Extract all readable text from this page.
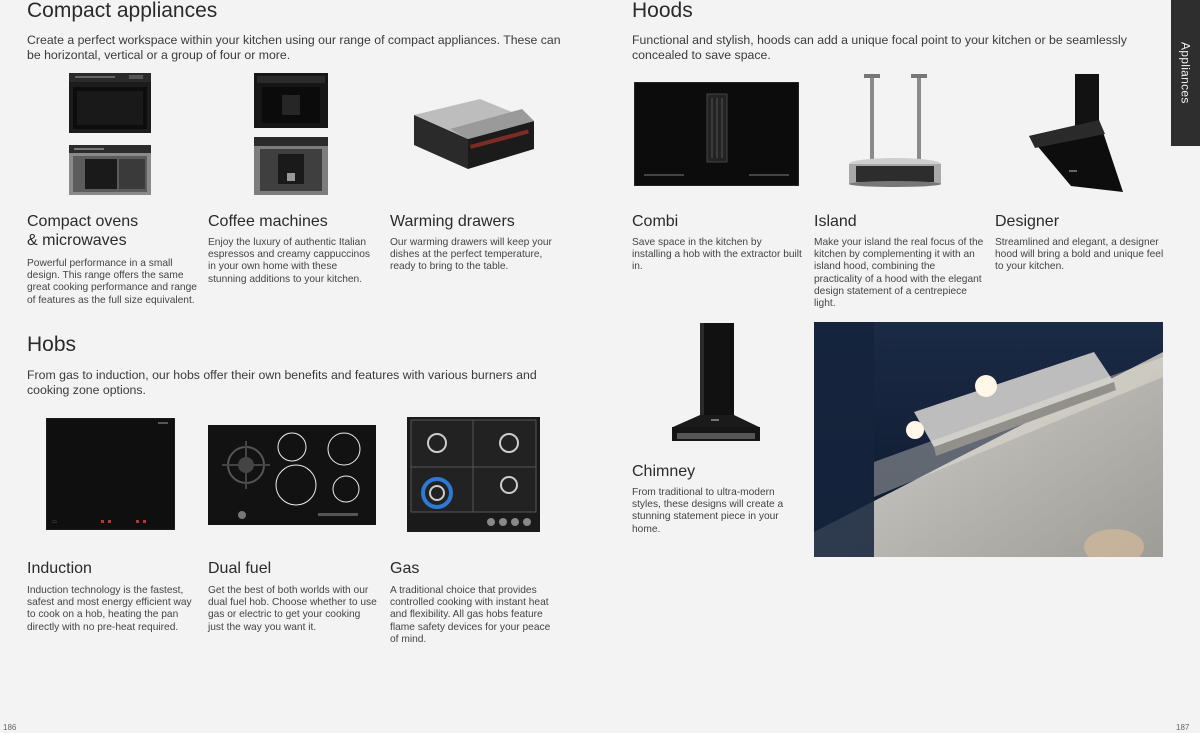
Compact appliances
Create a perfect workspace within your kitchen using our range of compact appliances. These can be horizontal, vertical or a group of four or more.
Compact ovens
& microwaves
Powerful performance in a small design. This range offers the same great cooking performance and range of features as the full size equivalent.
Coffee machines
Enjoy the luxury of authentic Italian espressos and creamy cappuccinos in your own home with these stunning additions to your kitchen.
Warming drawers
Our warming drawers will keep your dishes at the perfect temperature, ready to bring to the table.
Hobs
From gas to induction, our hobs offer their own benefits and features with various burners and cooking zone options.
▭
Induction
Induction technology is the fastest, safest and most energy efficient way to cook on a hob, heating the pan directly with no pre-heat required.
Dual fuel
Get the best of both worlds with our dual fuel hob. Choose whether to use gas or electric to get your cooking just the way you want it.
Gas
A traditional choice that provides controlled cooking with instant heat and flexibility. All gas hobs feature flame safety devices for your peace of mind.
186
Hoods
Functional and stylish, hoods can add a unique focal point to your kitchen or be seamlessly concealed to save space.	Appliances
Combi
Save space in the kitchen by installing a hob with the extractor built in.
Island
Make your island the real focus of the kitchen by complementing it with an island hood, combining the practicality of a hood with the elegant design statement of a centrepiece light.
Designer
Streamlined and elegant, a designer hood will bring a bold and unique feel to your kitchen.
Chimney
From traditional to ultra-modern styles, these designs will create a stunning statement piece in your home.
187
